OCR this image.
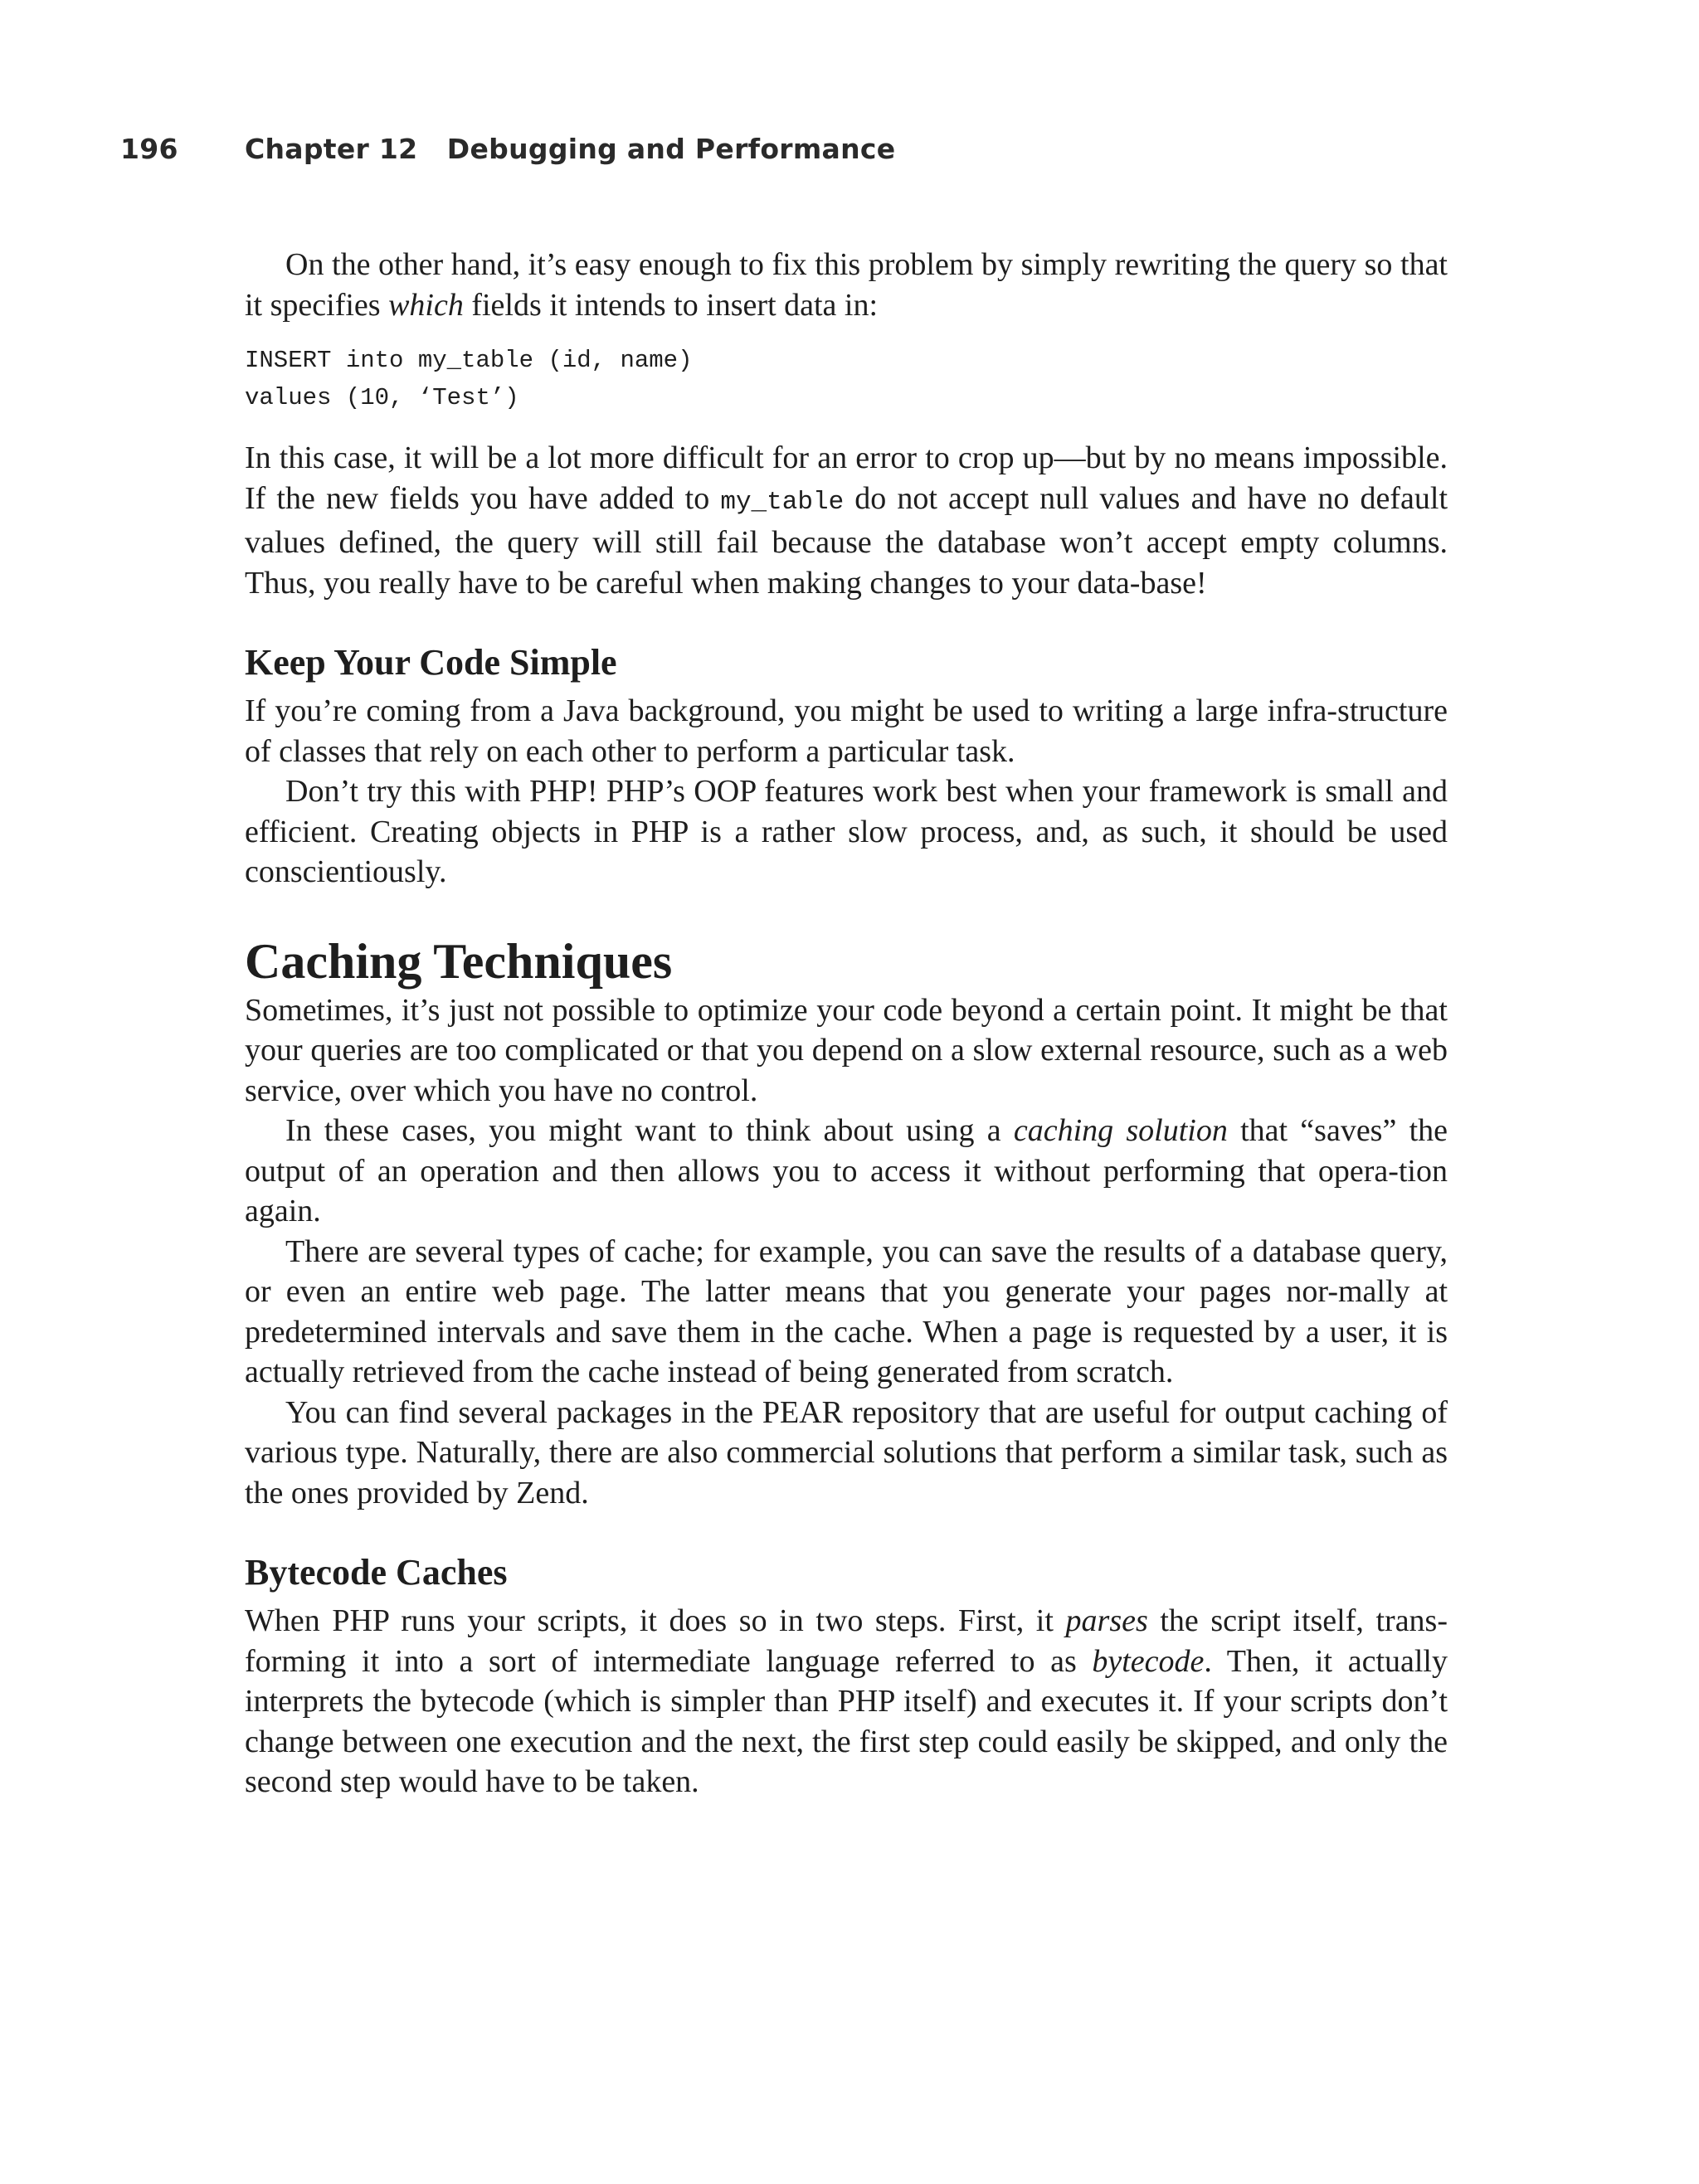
196 Chapter 12   Debugging and Performance

On the other hand, it’s easy enough to fix this problem by simply rewriting the query so that it specifies which fields it intends to insert data in:

INSERT into my_table (id, name)
values (10, ‘Test’)

In this case, it will be a lot more difficult for an error to crop up—but by no means impossible. If the new fields you have added to my_table do not accept null values and have no default values defined, the query will still fail because the database won’t accept empty columns. Thus, you really have to be careful when making changes to your data-base!

Keep Your Code Simple

If you’re coming from a Java background, you might be used to writing a large infra-structure of classes that rely on each other to perform a particular task.

Don’t try this with PHP! PHP’s OOP features work best when your framework is small and efficient. Creating objects in PHP is a rather slow process, and, as such, it should be used conscientiously.

Caching Techniques

Sometimes, it’s just not possible to optimize your code beyond a certain point. It might be that your queries are too complicated or that you depend on a slow external resource, such as a web service, over which you have no control.

In these cases, you might want to think about using a caching solution that “saves” the output of an operation and then allows you to access it without performing that opera-tion again.

There are several types of cache; for example, you can save the results of a database query, or even an entire web page. The latter means that you generate your pages nor-mally at predetermined intervals and save them in the cache. When a page is requested by a user, it is actually retrieved from the cache instead of being generated from scratch.

You can find several packages in the PEAR repository that are useful for output caching of various type. Naturally, there are also commercial solutions that perform a similar task, such as the ones provided by Zend.

Bytecode Caches

When PHP runs your scripts, it does so in two steps. First, it parses the script itself, trans-forming it into a sort of intermediate language referred to as bytecode. Then, it actually interprets the bytecode (which is simpler than PHP itself) and executes it. If your scripts don’t change between one execution and the next, the first step could easily be skipped, and only the second step would have to be taken.
